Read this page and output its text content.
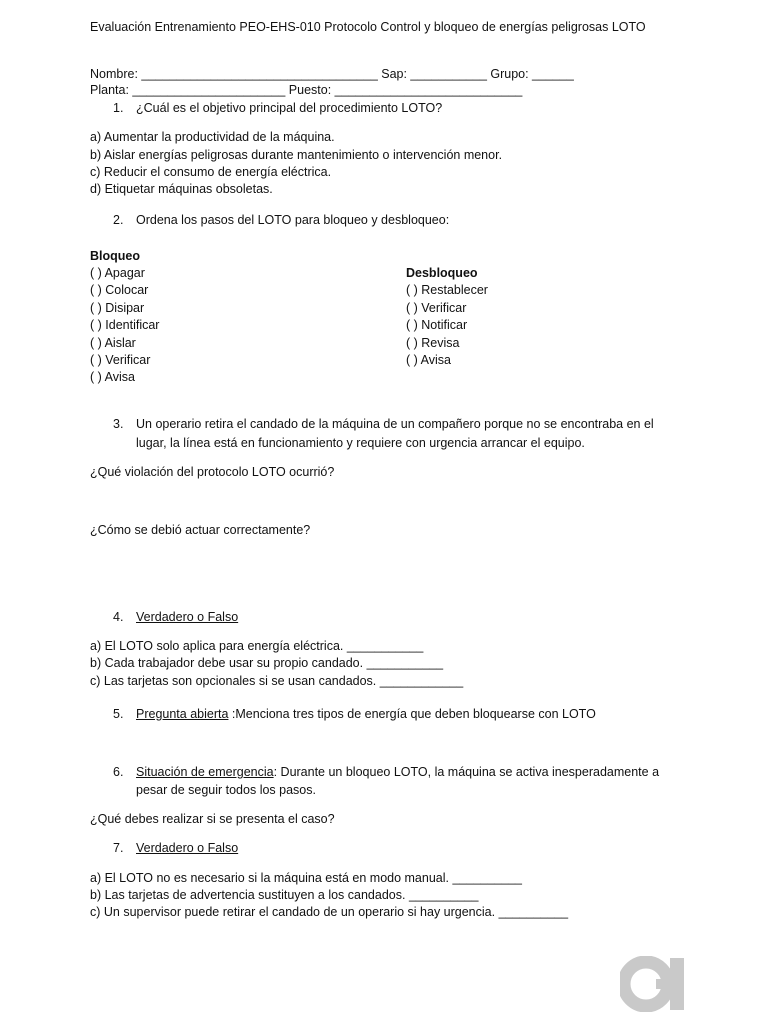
Evaluación Entrenamiento PEO-EHS-010 Protocolo Control y bloqueo de energías peligrosas LOTO
Nombre: __________________________________ Sap: ___________ Grupo: ______
Planta: ______________________ Puesto: ___________________________
1. ¿Cuál es el objetivo principal del procedimiento LOTO?
a) Aumentar la productividad de la máquina.
b) Aislar energías peligrosas durante mantenimiento o intervención menor.
c) Reducir el consumo de energía eléctrica.
d) Etiquetar máquinas obsoletas.
2. Ordena los pasos del LOTO para bloqueo y desbloqueo:
Bloqueo
( ) Apagar
( ) Colocar
( ) Disipar
( ) Identificar
( ) Aislar
( ) Verificar
( ) Avisa
Desbloqueo
( ) Restablecer
( ) Verificar
( ) Notificar
( ) Revisa
( ) Avisa
3. Un operario retira el candado de la máquina de un compañero porque no se encontraba en el
lugar, la línea está en funcionamiento y requiere con urgencia arrancar el equipo.
¿Qué violación del protocolo LOTO ocurrió?
¿Cómo se debió actuar correctamente?
4. Verdadero o Falso
a) El LOTO solo aplica para energía eléctrica. ___________
b) Cada trabajador debe usar su propio candado. ___________
c) Las tarjetas son opcionales si se usan candados. ____________
5. Pregunta abierta :Menciona tres tipos de energía que deben bloquearse con LOTO
6. Situación de emergencia: Durante un bloqueo LOTO, la máquina se activa inesperadamente a
pesar de seguir todos los pasos.
¿Qué debes realizar si se presenta el caso?
7. Verdadero o Falso
a) El LOTO no es necesario si la máquina está en modo manual. __________
b) Las tarjetas de advertencia sustituyen a los candados. __________
c) Un supervisor puede retirar el candado de un operario si hay urgencia. __________
